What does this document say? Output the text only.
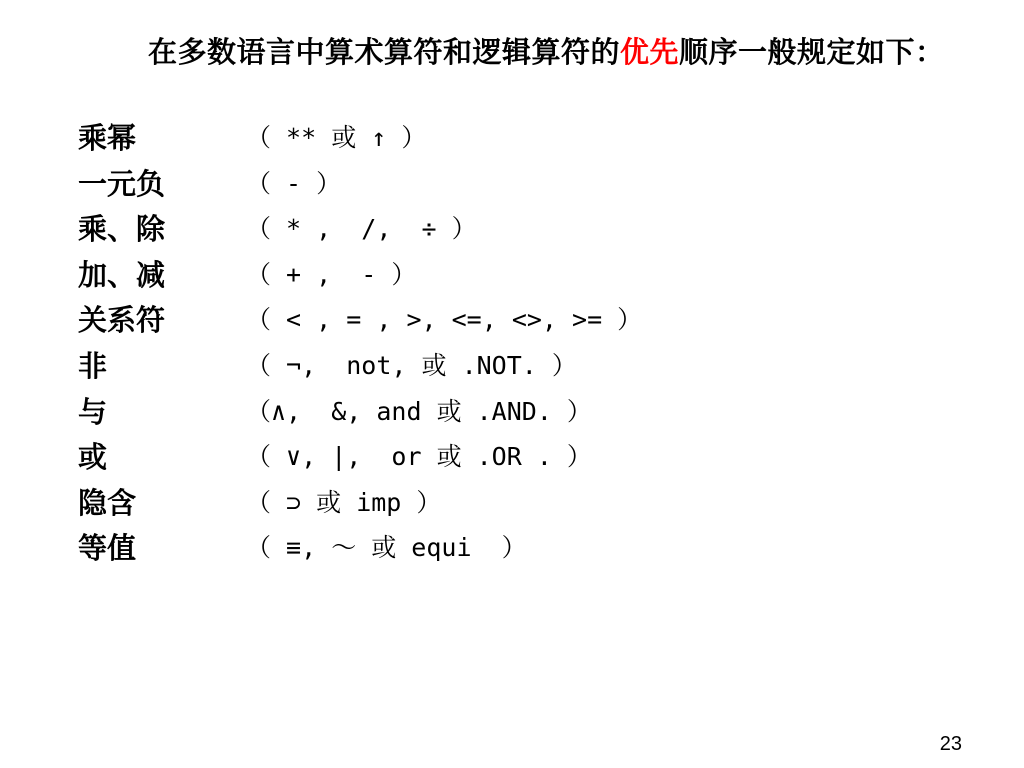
在多数语言中算术算符和逻辑算符的优先顺序一般规定如下：
乘幂	（ ** 或 ↑ ）
一元负	（ - ）
乘、除	（ * ,  /,  ÷ ）
加、减	（ + ,  - ）
关系符	（ < , = , >, <=, <>, >= ）
非	（ ¬,  not, 或 .NOT. ）
与	（∧,  &, and 或 .AND. ）
或	（ ∨, |,  or 或 .OR . ）
隐含	（ ⊃ 或 imp ）
等值	（ ≡, ～ 或 equi  ）
23
